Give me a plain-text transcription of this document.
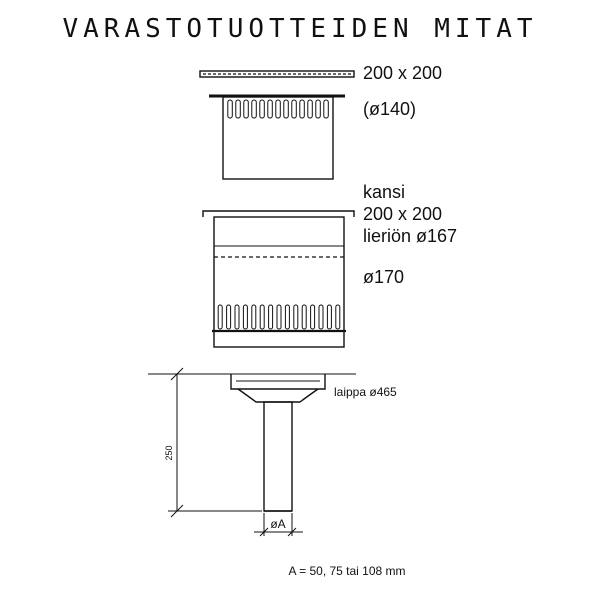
VARASTOTUOTTEIDEN MITAT
200 x 200
(ø140)
kansi
200 x 200
lieriön ø167
ø170
laippa ø465
250
øA
A = 50, 75 tai 108 mm
